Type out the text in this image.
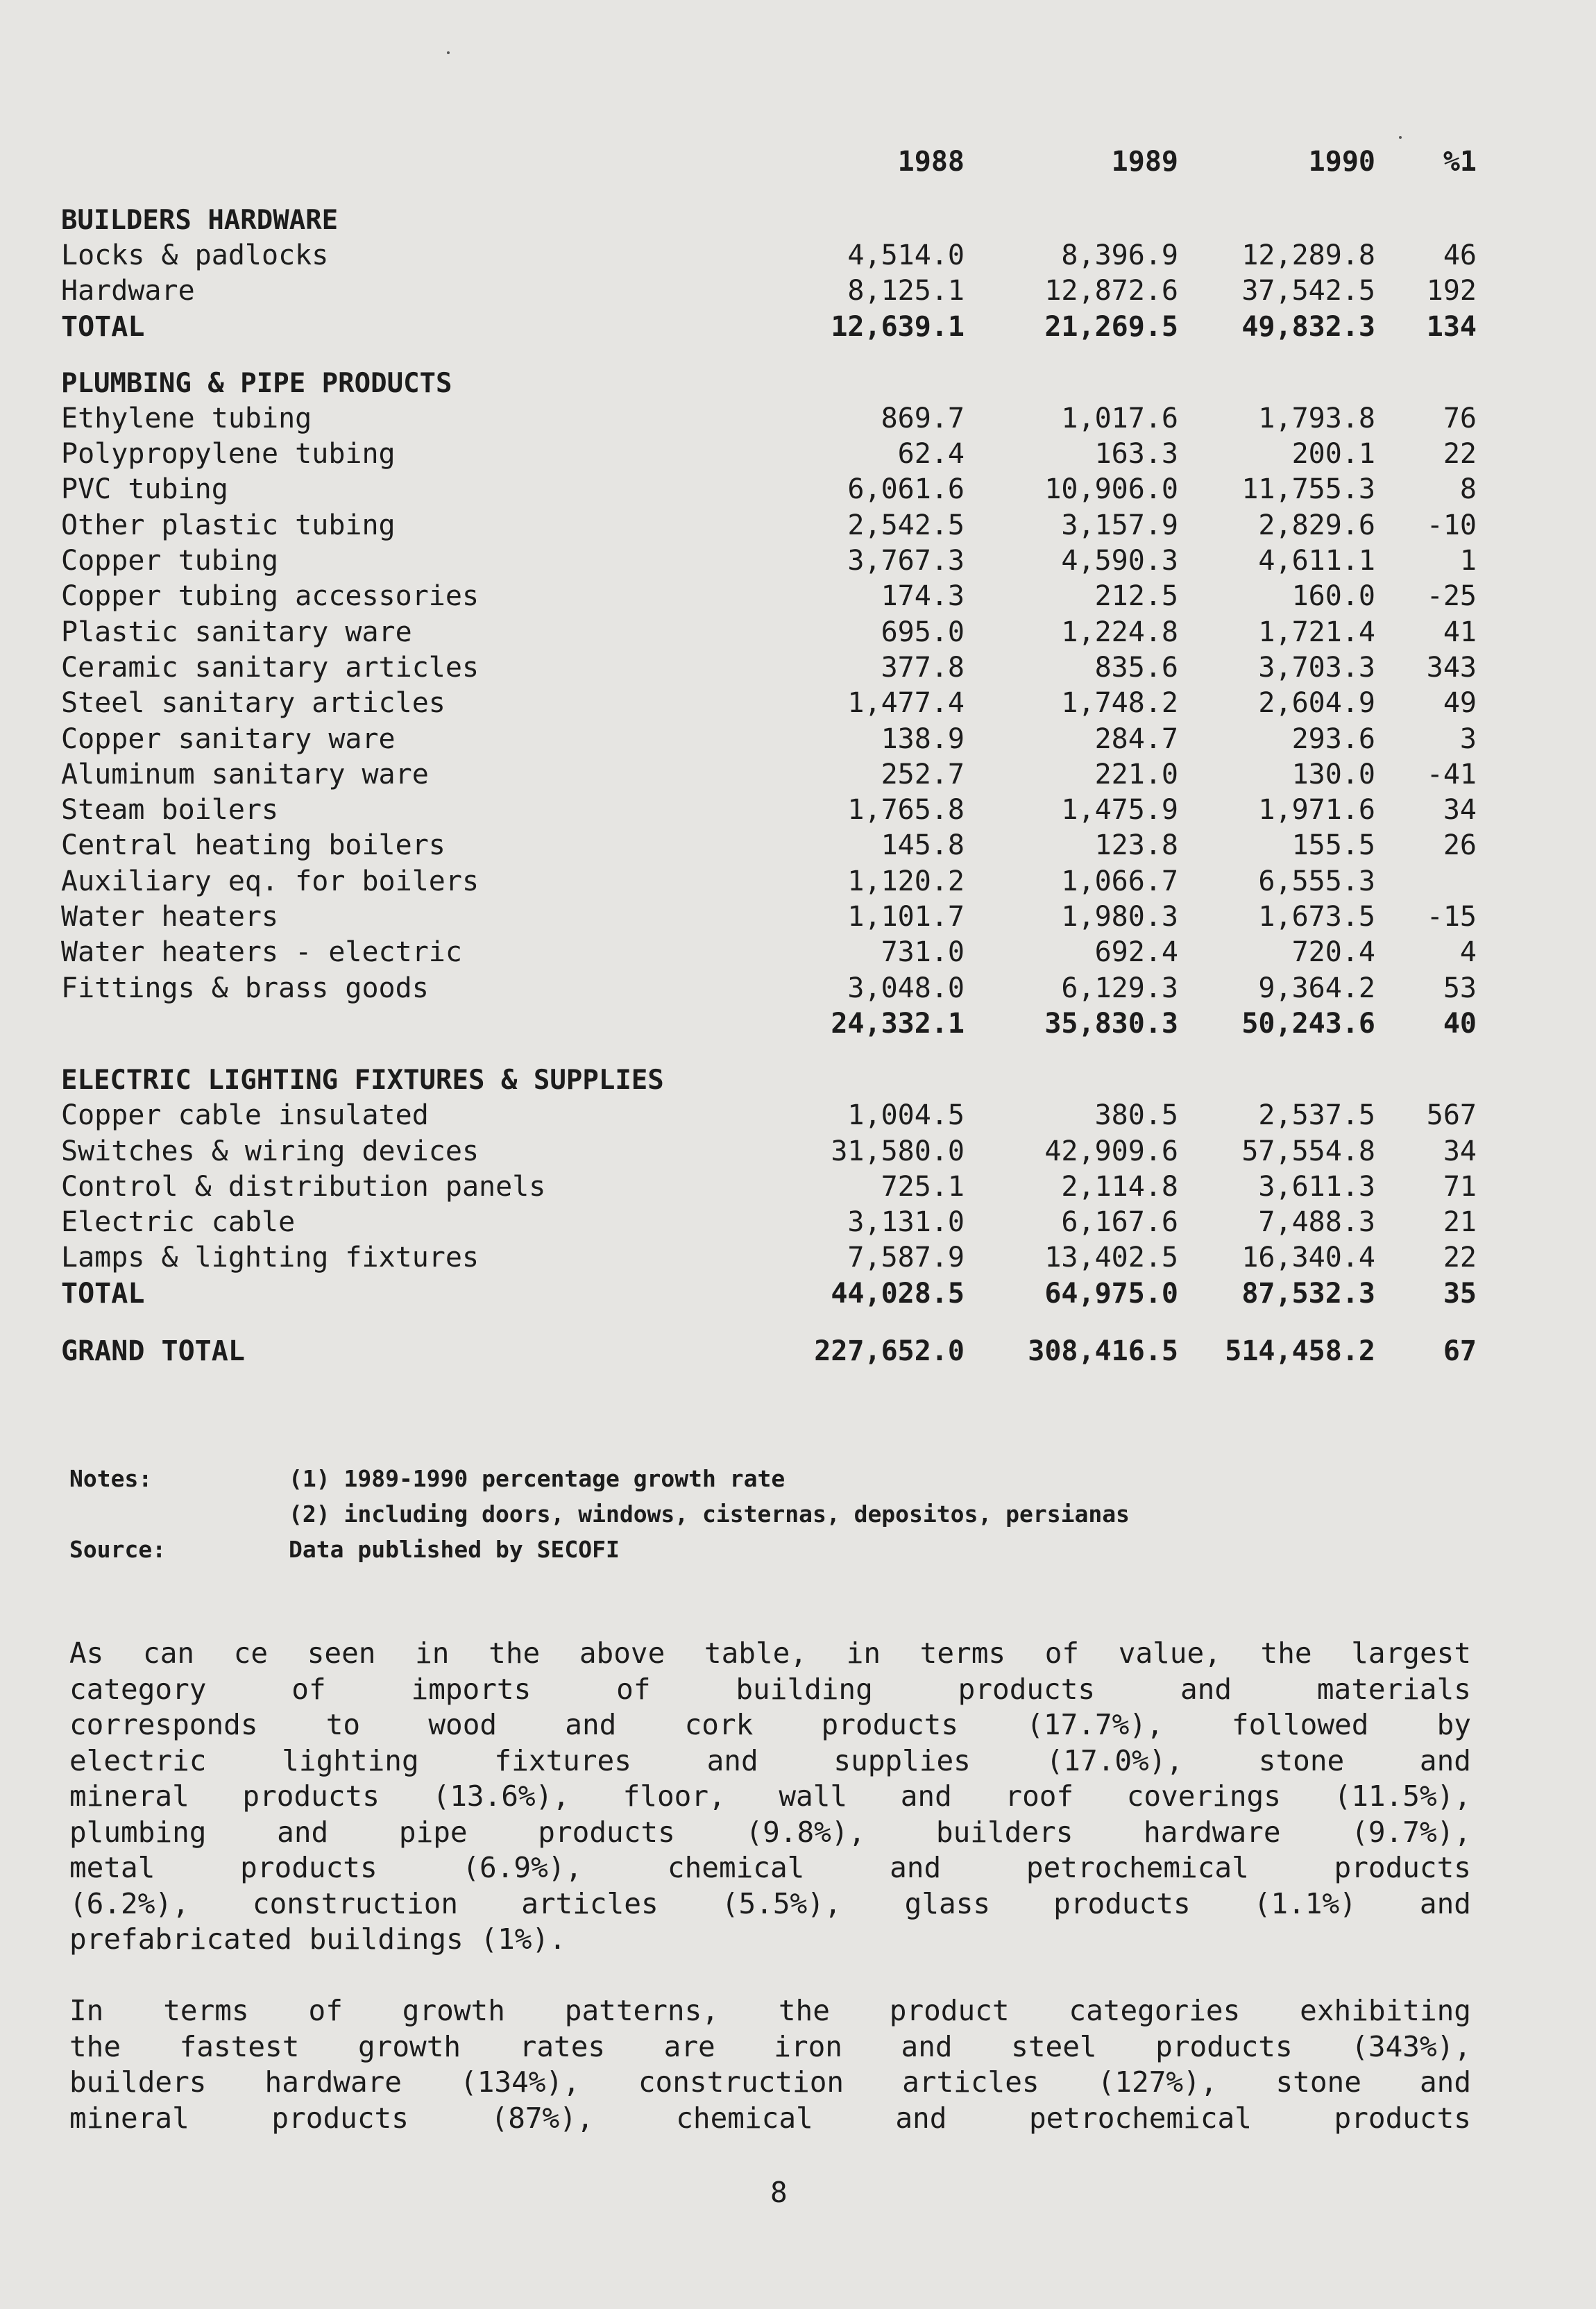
1988	1989	1990 %1
BUILDERS HARDWARE
Locks & padlocks	4,514.0	8,396.9 12,289.8 46
Hardware	8,125.1	12,872.6 37,542.5 192
TOTAL	12,639.1	21,269.5 49,832.3 134
PLUMBING & PIPE PRODUCTS
Ethylene tubing	869.7	1,017.6	1,793.8 76
Polypropylene tubing	62.4	163.3	200.1 22
PVC tubing	6,061.6	10,906.0 11,755.3	8
Other plastic tubing	2,542.5	3,157.9	2,829.6 -10
Copper tubing	3,767.3	4,590.3	4,611.1	1
Copper tubing accessories	174.3	212.5	160.0 -25
Plastic sanitary ware	695.0	1,224.8	1,721.4 41
Ceramic sanitary articles	377.8	835.6	3,703.3 343
Steel sanitary articles	1,477.4	1,748.2	2,604.9 49
Copper sanitary ware	138.9	284.7	293.6	3
Aluminum sanitary ware	252.7	221.0	130.0 -41
Steam boilers	1,765.8	1,475.9	1,971.6 34
Central heating boilers	145.8	123.8	155.5 26
Auxiliary eq. for boilers	1,120.2	1,066.7	6,555.3
Water heaters	1,101.7	1,980.3	1,673.5 -15
Water heaters - electric	731.0	692.4	720.4	4
Fittings & brass goods	3,048.0	6,129.3	9,364.2 53
24,332.1	35,830.3 50,243.6 40
ELECTRIC LIGHTING FIXTURES & SUPPLIES
Copper cable insulated	1,004.5	380.5	2,537.5 567
Switches & wiring devices	31,580.0	42,909.6 57,554.8 34
Control & distribution panels	725.1	2,114.8	3,611.3 71
Electric cable	3,131.0	6,167.6	7,488.3 21
Lamps & lighting fixtures	7,587.9	13,402.5 16,340.4 22
TOTAL	44,028.5	64,975.0 87,532.3 35
GRAND TOTAL	227,652.0 308,416.5 514,458.2 67
Notes:	(1) 1989-1990 percentage growth rate
(2) including doors, windows, cisternas, depositos, persianas
Source:	Data published by SECOFI
As can ce seen in the above table, in terms of value, the largest
category of imports of building products and materials
corresponds to wood and cork products (17.7%), followed by
electric lighting fixtures and supplies (17.0%), stone and
mineral products (13.6%), floor, wall and roof coverings (11.5%),
plumbing and pipe products (9.8%), builders hardware (9.7%),
metal products (6.9%), chemical and petrochemical products
(6.2%), construction articles (5.5%), glass products (1.1%) and
prefabricated buildings (1%).
In terms of growth patterns, the product categories exhibiting
the fastest growth rates are iron and steel products (343%),
builders hardware (134%), construction articles (127%), stone and
mineral products (87%), chemical and petrochemical products
8
